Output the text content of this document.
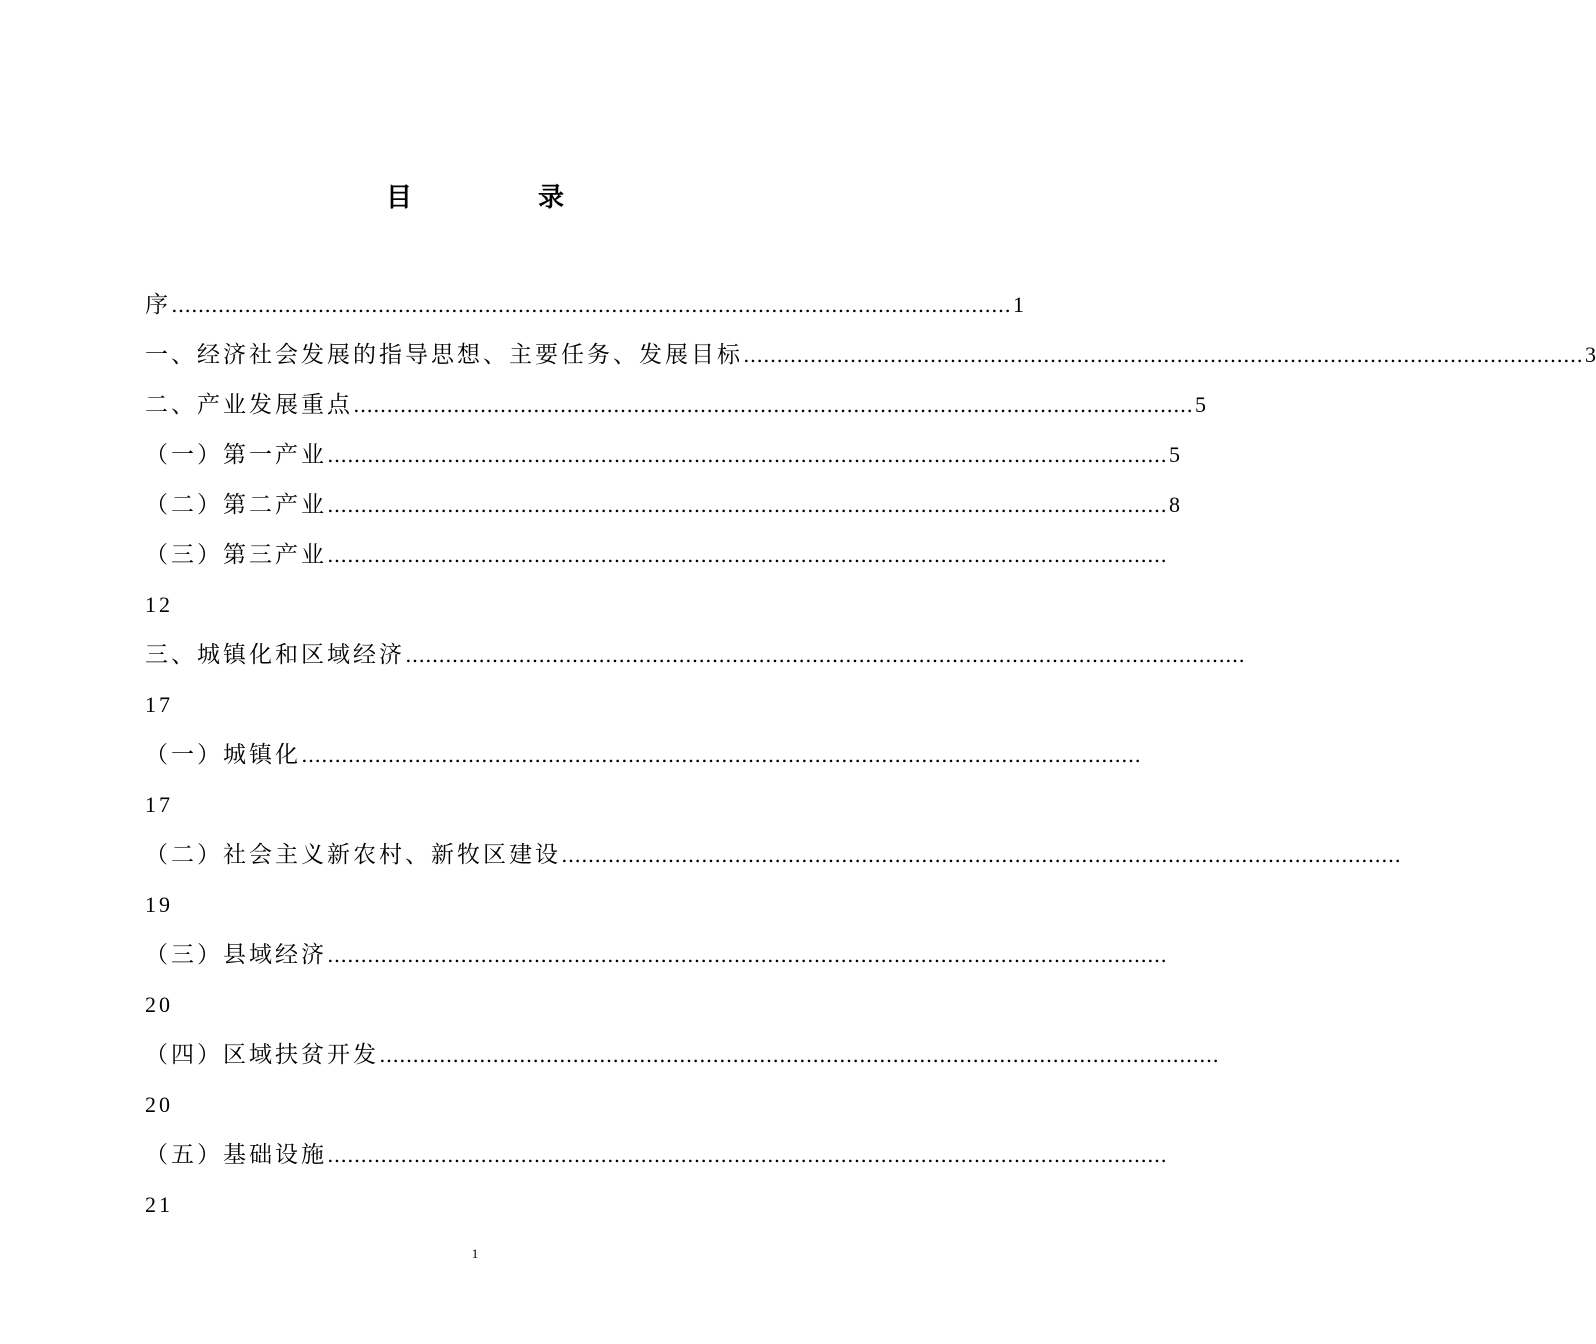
目　录
序 ……………………………………………………………………………………………………………… 1
一、经济社会发展的指导思想、主要任务、发展目标 ……………………………………………………………………………………………………………… 3
二、产业发展重点 ……………………………………………………………………………………………………………… 5
（一）第一产业 ……………………………………………………………………………………………………………… 5
（二）第二产业 ……………………………………………………………………………………………………………… 8
（三）第三产业 ………………………………………………………………………………………………………………
12
三、城镇化和区域经济 ………………………………………………………………………………………………………………
17
（一）城镇化 ………………………………………………………………………………………………………………
17
（二）社会主义新农村、新牧区建设 ………………………………………………………………………………………………………………
19
（三）县域经济 ………………………………………………………………………………………………………………
20
（四）区域扶贫开发 ………………………………………………………………………………………………………………
20
（五）基础设施 ………………………………………………………………………………………………………………
21
1
